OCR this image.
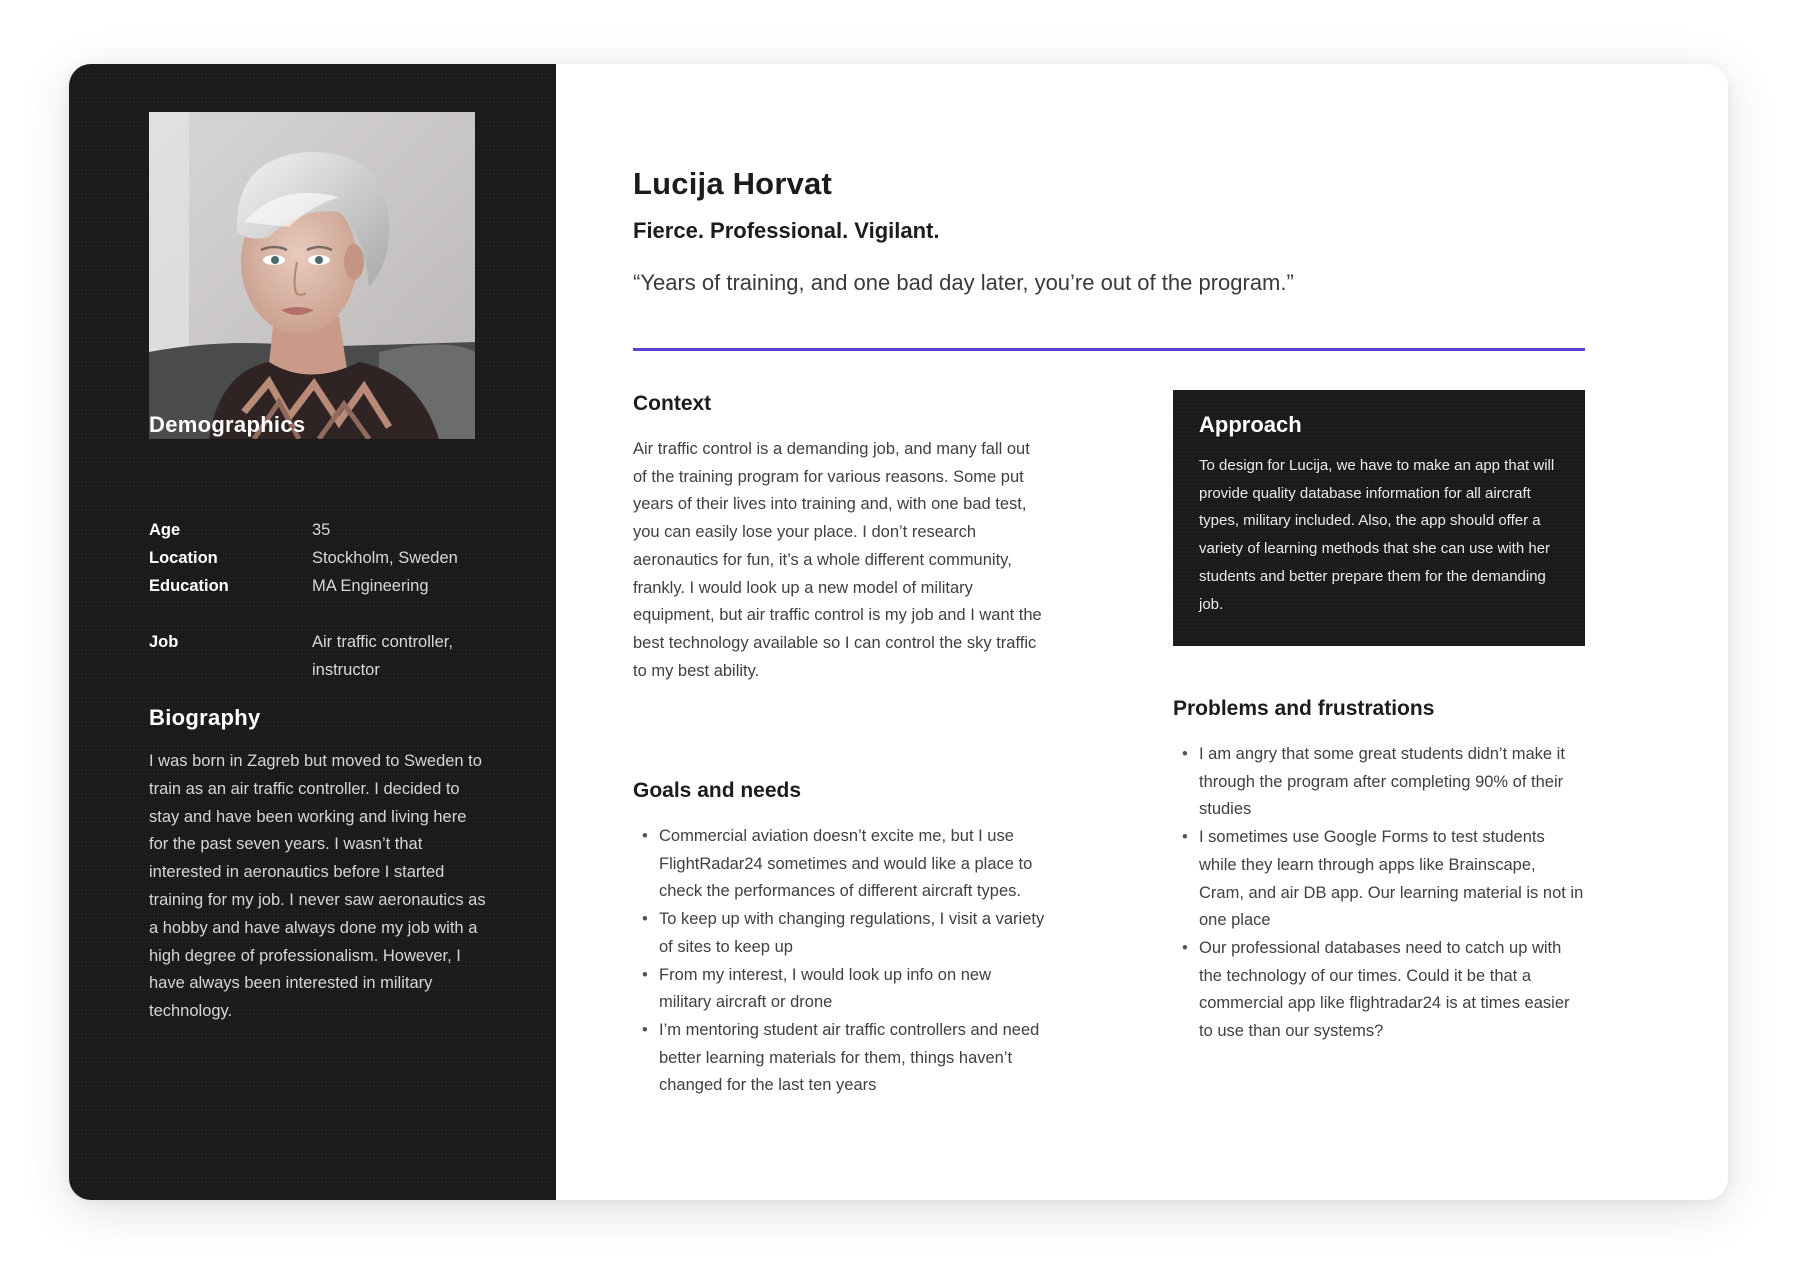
Demographics
Age	35
Location	Stockholm, Sweden
Education	MA Engineering
Job	Air traffic controller, instructor
Biography
I was born in Zagreb but moved to Sweden to train as an air traffic controller. I decided to stay and have been working and living here for the past seven years. I wasn’t that interested in aeronautics before I started training for my job. I never saw aeronautics as a hobby and have always done my job with a high degree of professionalism. However, I have always been interested in military technology.
Lucija Horvat
Fierce. Professional. Vigilant.
“Years of training, and one bad day later, you’re out of the program.”
Context
Air traffic control is a demanding job, and many fall out of the training program for various reasons. Some put years of their lives into training and, with one bad test, you can easily lose your place. I don’t research aeronautics for fun, it’s a whole different community, frankly. I would look up a new model of military equipment, but air traffic control is my job and I want the best technology available so I can control the sky traffic to my best ability.
Goals and needs
• Commercial aviation doesn’t excite me, but I use FlightRadar24 sometimes and would like a place to check the performances of different aircraft types.
• To keep up with changing regulations, I visit a variety of sites to keep up
• From my interest, I would look up info on new military aircraft or drone
• I’m mentoring student air traffic controllers and need better learning materials for them, things haven’t changed for the last ten years
Approach
To design for Lucija, we have to make an app that will provide quality database information for all aircraft types, military included. Also, the app should offer a variety of learning methods that she can use with her students and better prepare them for the demanding job.
Problems and frustrations
• I am angry that some great students didn’t make it through the program after completing 90% of their studies
• I sometimes use Google Forms to test students while they learn through apps like Brainscape, Cram, and air DB app. Our learning material is not in one place
• Our professional databases need to catch up with the technology of our times. Could it be that a commercial app like flightradar24 is at times easier to use than our systems?
